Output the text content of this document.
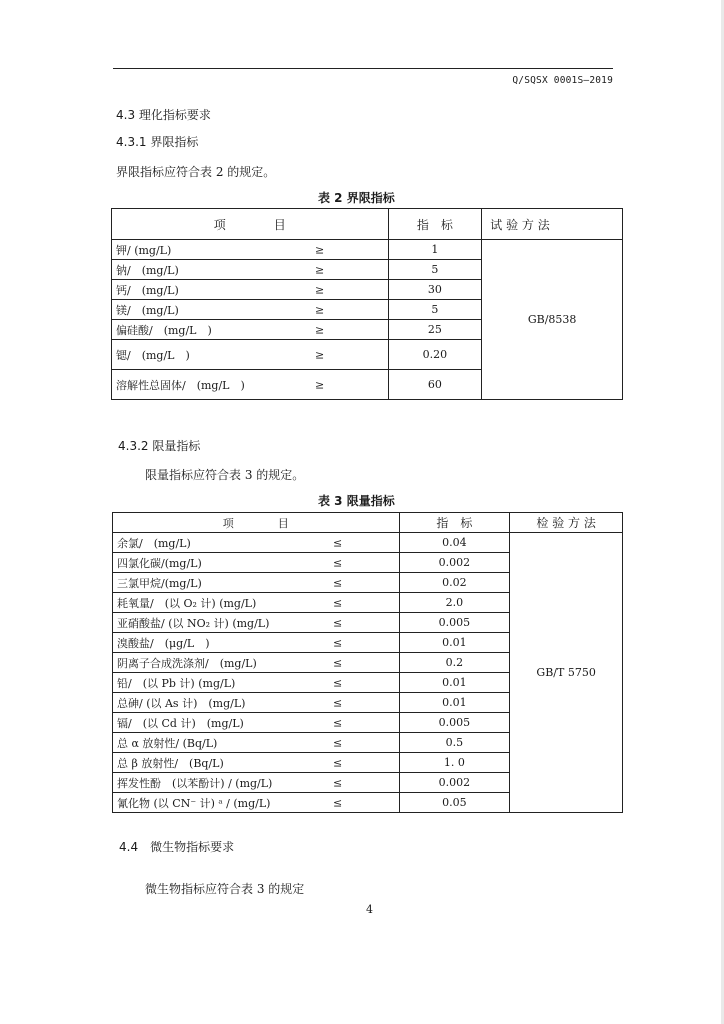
Q/SQSX 0001S—2019
4.3 理化指标要求
4.3.1 界限指标
界限指标应符合表 2 的规定。
表 2 界限指标
项　　　　目	指　标	试 验 方 法
钾/ (mg/L) ≥	1	GB/8538
钠/　(mg/L) ≥	5	
钙/　(mg/L) ≥	30	
镁/　(mg/L) ≥	5	
偏硅酸/　(mg/L　) ≥	25	
锶/　(mg/L　) ≥	0.20	
溶解性总固体/　(mg/L　) ≥	60	
4.3.2 限量指标
限量指标应符合表 3 的规定。
表 3 限量指标
项　　　　目	指　标	检 验 方 法
余氯/　(mg/L) ≤	0.04	GB/T 5750
四氯化碳/(mg/L) ≤	0.002	
三氯甲烷/(mg/L) ≤	0.02	
耗氧量/　(以 O₂ 计) (mg/L) ≤	2.0	
亚硝酸盐/ (以 NO₂ 计) (mg/L) ≤	0.005	
溴酸盐/　(μg/L　) ≤	0.01	
阴离子合成洗涤剂/　(mg/L) ≤	0.2	
铅/　(以 Pb 计) (mg/L) ≤	0.01	
总砷/ (以 As 计)　(mg/L) ≤	0.01	
镉/　(以 Cd 计)　(mg/L) ≤	0.005	
总 α 放射性/ (Bq/L) ≤	0.5	
总 β 放射性/　(Bq/L) ≤	1. 0	
挥发性酚　(以苯酚计) / (mg/L) ≤	0.002	
氰化物 (以 CN⁻ 计) ᵃ / (mg/L) ≤	0.05	
4.4　微生物指标要求
微生物指标应符合表 3 的规定
4
